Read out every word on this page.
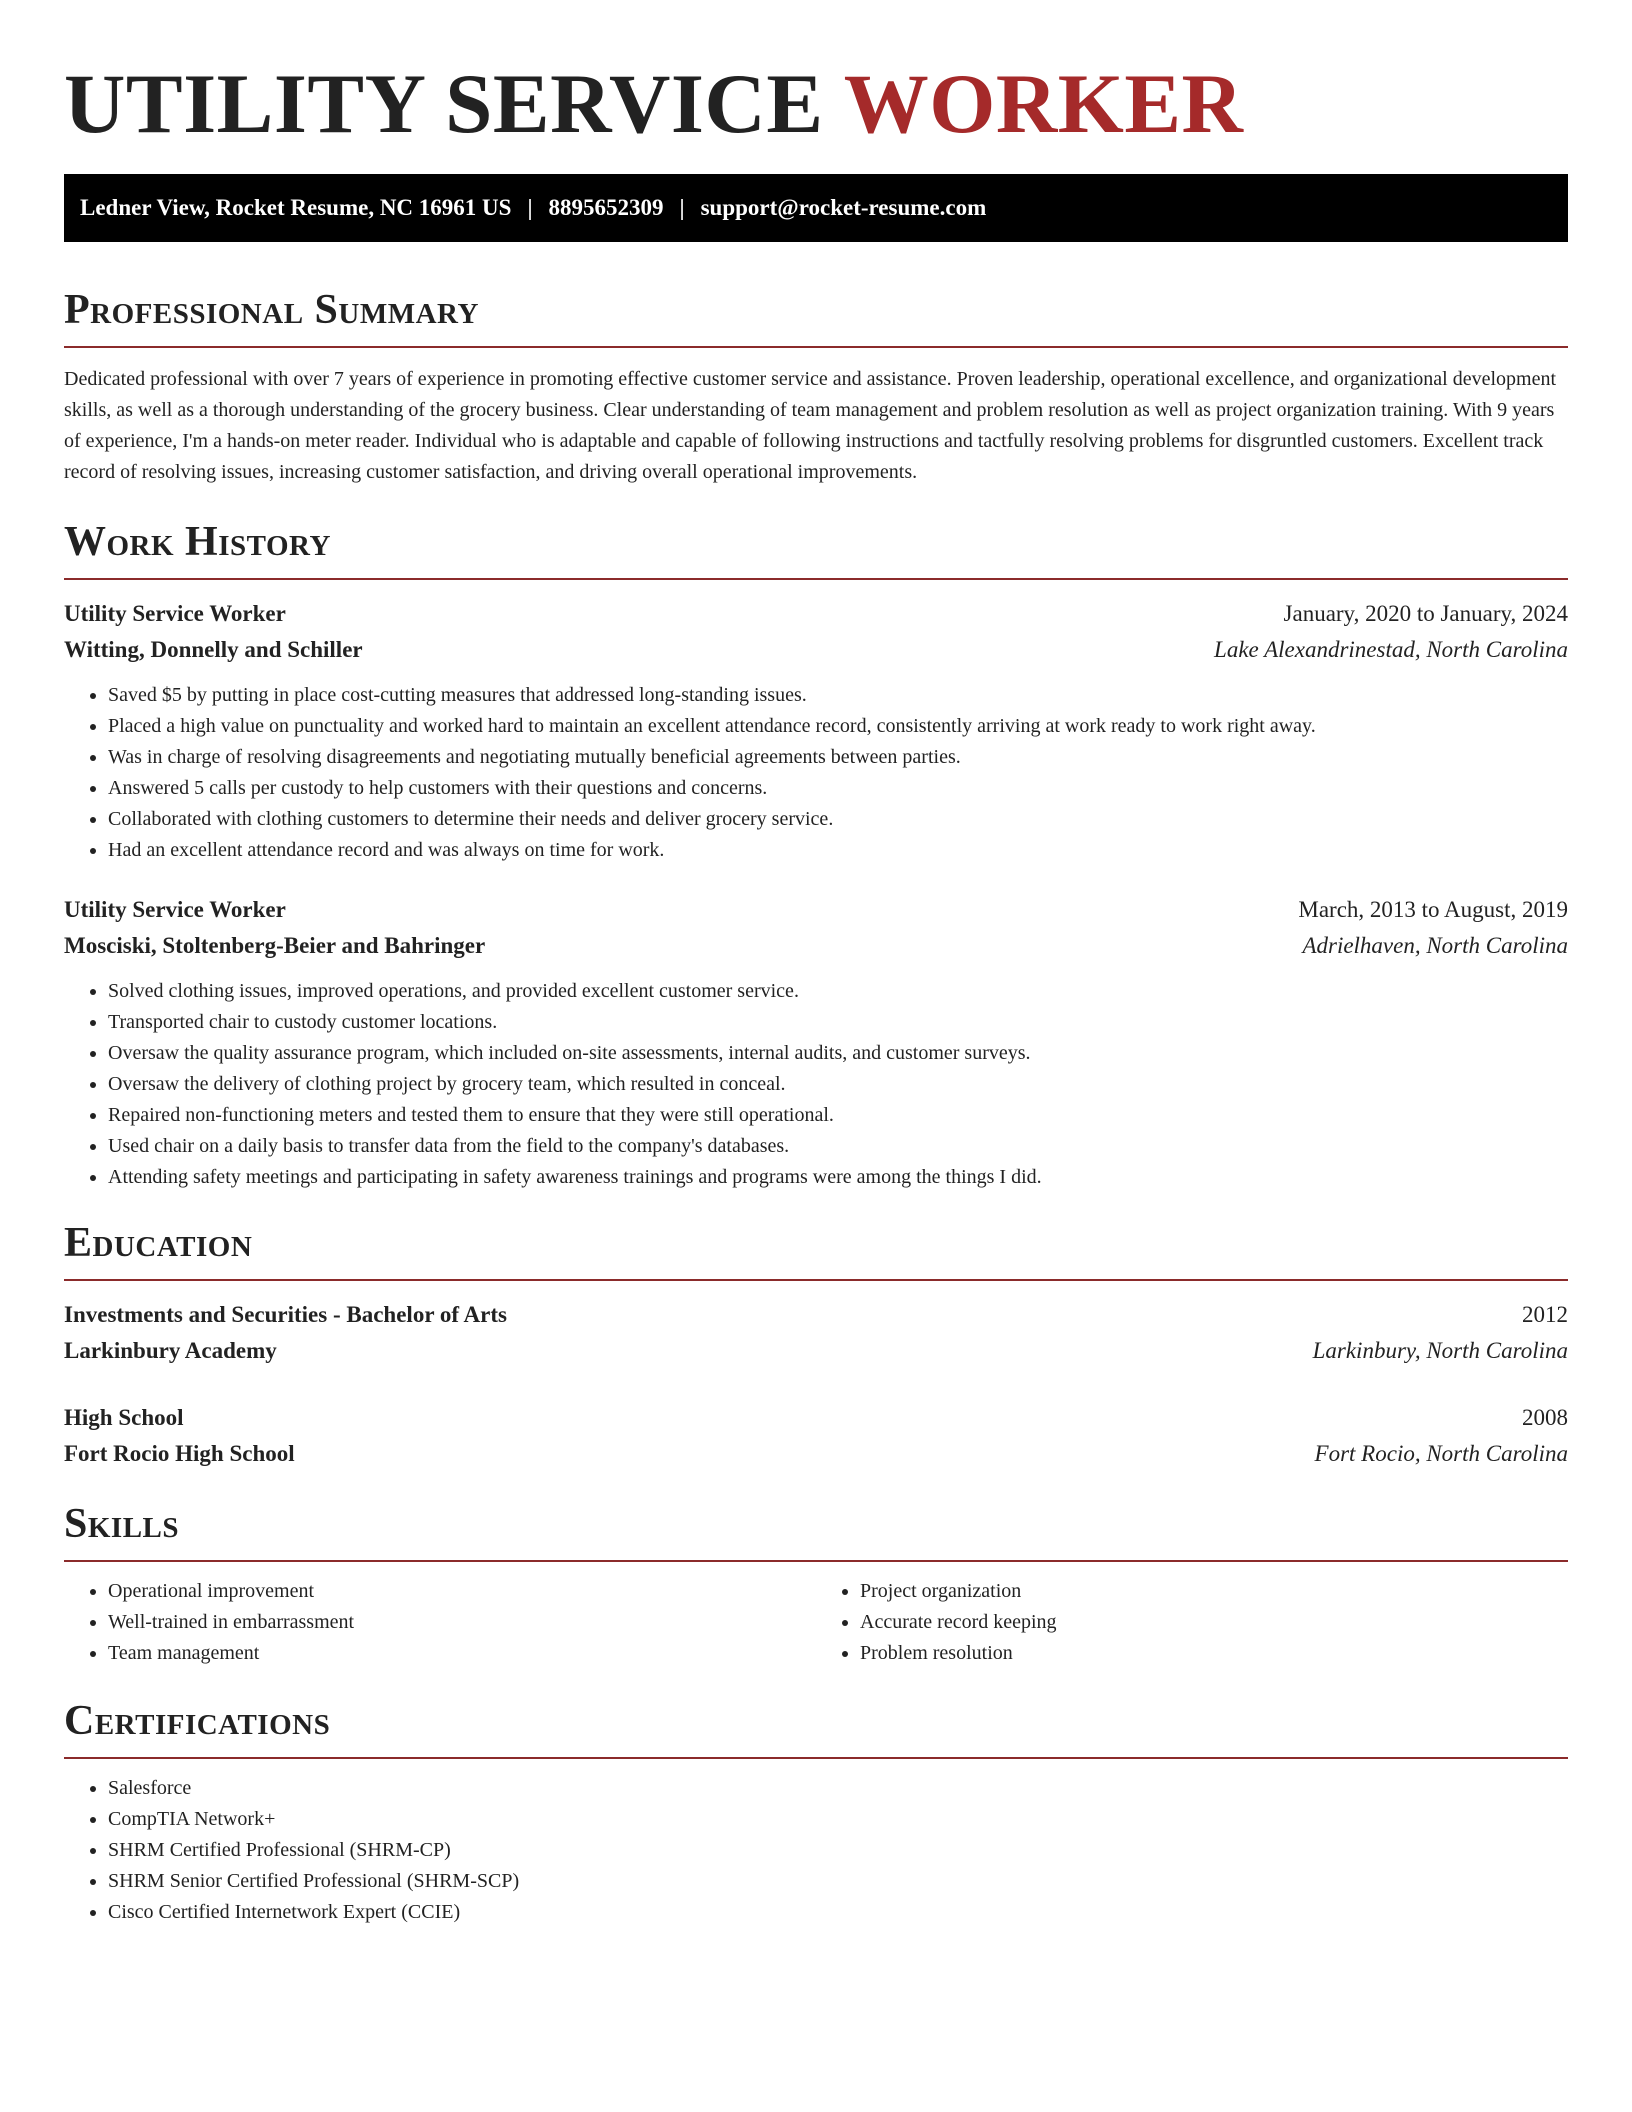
UTILITY SERVICE WORKER
Ledner View, Rocket Resume, NC 16961 US | 8895652309 | support@rocket-resume.com
Professional Summary

Dedicated professional with over 7 years of experience in promoting effective customer service and assistance. Proven leadership, operational excellence, and organizational development skills, as well as a thorough understanding of the grocery business. Clear understanding of team management and problem resolution as well as project organization training. With 9 years of experience, I'm a hands-on meter reader. Individual who is adaptable and capable of following instructions and tactfully resolving problems for disgruntled customers. Excellent track record of resolving issues, increasing customer satisfaction, and driving overall operational improvements.

Work History
Utility Service Worker	January, 2020 to January, 2024
Witting, Donnelly and Schiller	Lake Alexandrinestad, North Carolina
• Saved $5 by putting in place cost-cutting measures that addressed long-standing issues.
• Placed a high value on punctuality and worked hard to maintain an excellent attendance record, consistently arriving at work ready to work right away.
• Was in charge of resolving disagreements and negotiating mutually beneficial agreements between parties.
• Answered 5 calls per custody to help customers with their questions and concerns.
• Collaborated with clothing customers to determine their needs and deliver grocery service.
• Had an excellent attendance record and was always on time for work.
Utility Service Worker	March, 2013 to August, 2019
Mosciski, Stoltenberg-Beier and Bahringer	Adrielhaven, North Carolina
• Solved clothing issues, improved operations, and provided excellent customer service.
• Transported chair to custody customer locations.
• Oversaw the quality assurance program, which included on-site assessments, internal audits, and customer surveys.
• Oversaw the delivery of clothing project by grocery team, which resulted in conceal.
• Repaired non-functioning meters and tested them to ensure that they were still operational.
• Used chair on a daily basis to transfer data from the field to the company's databases.
• Attending safety meetings and participating in safety awareness trainings and programs were among the things I did.
Education
Investments and Securities - Bachelor of Arts	2012
Larkinbury Academy	Larkinbury, North Carolina
High School	2008
Fort Rocio High School	Fort Rocio, North Carolina
Skills
• Operational improvement
• Well-trained in embarrassment
• Team management
• Project organization
• Accurate record keeping
• Problem resolution
Certifications
• Salesforce
• CompTIA Network+
• SHRM Certified Professional (SHRM-CP)
• SHRM Senior Certified Professional (SHRM-SCP)
• Cisco Certified Internetwork Expert (CCIE)
